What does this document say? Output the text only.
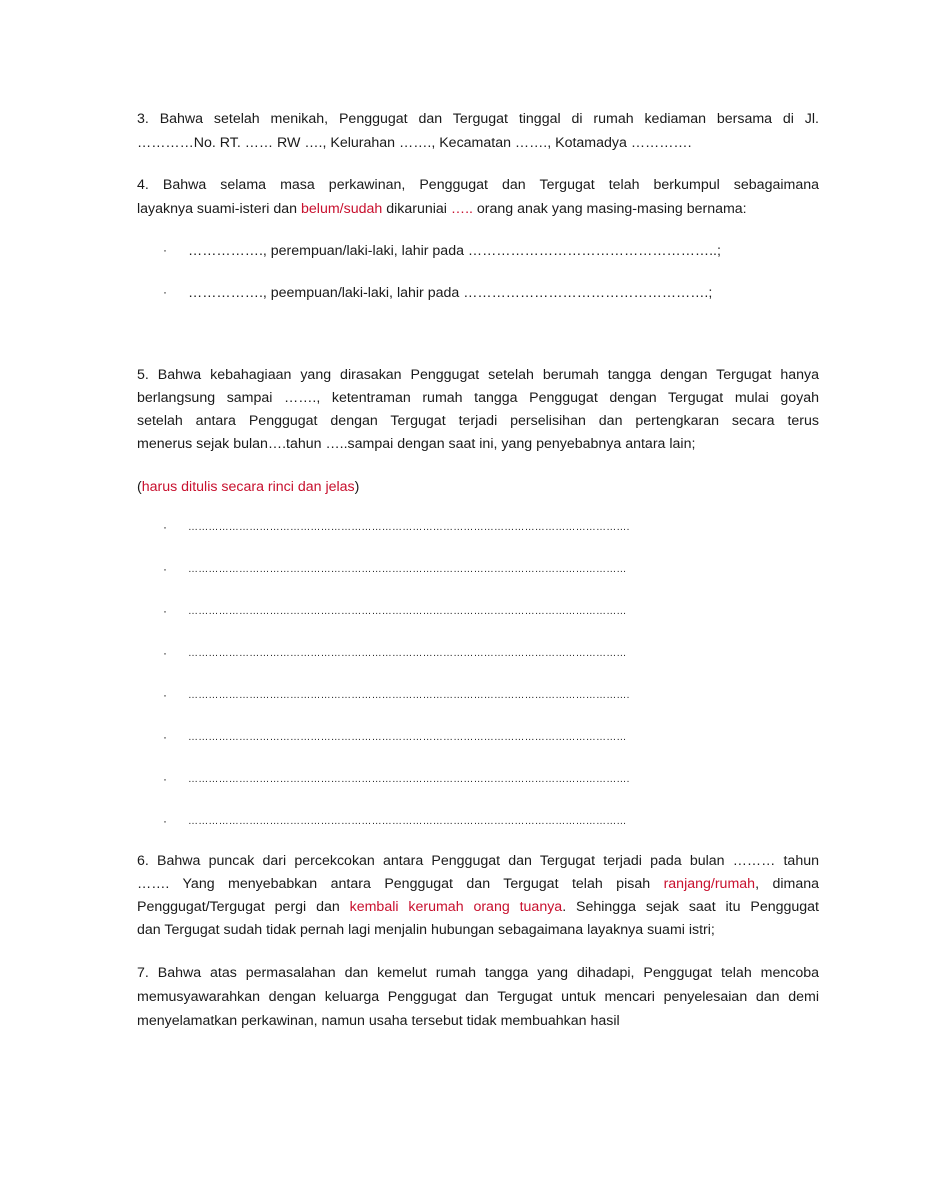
3. Bahwa setelah menikah, Penggugat dan Tergugat tinggal di rumah kediaman bersama di Jl.
…………No. RT. …… RW …., Kelurahan ……., Kecamatan ……., Kotamadya ………….
4. Bahwa selama masa perkawinan, Penggugat dan Tergugat telah berkumpul sebagaimana
layaknya suami-isteri dan belum/sudah dikaruniai ….. orang anak yang masing-masing bernama:
· ……………., perempuan/laki-laki, lahir pada ……………………………………………..;
· ……………., peempuan/laki-laki, lahir pada …………………………………………….;
5. Bahwa kebahagiaan yang dirasakan Penggugat setelah berumah tangga dengan Tergugat hanya
berlangsung sampai ……., ketentraman rumah tangga Penggugat dengan Tergugat mulai goyah
setelah antara Penggugat dengan Tergugat terjadi perselisihan dan pertengkaran secara terus
menerus sejak bulan….tahun …..sampai dengan saat ini, yang penyebabnya antara lain;
(harus ditulis secara rinci dan jelas)
· ………………………………………………………………………………………………………………….
· …………………………………………………………………………………………………………………
· …………………………………………………………………………………………………………………
· …………………………………………………………………………………………………………………
· ………………………………………………………………………………………………………………….
· …………………………………………………………………………………………………………………
· ………………………………………………………………………………………………………………….
· …………………………………………………………………………………………………………………
6. Bahwa puncak dari percekcokan antara Penggugat dan Tergugat terjadi pada bulan ……… tahun
……. Yang menyebabkan antara Penggugat dan Tergugat telah pisah ranjang/rumah, dimana
Penggugat/Tergugat pergi dan kembali kerumah orang tuanya. Sehingga sejak saat itu Penggugat
dan Tergugat sudah tidak pernah lagi menjalin hubungan sebagaimana layaknya suami istri;
7. Bahwa atas permasalahan dan kemelut rumah tangga yang dihadapi, Penggugat telah mencoba
memusyawarahkan dengan keluarga Penggugat dan Tergugat untuk mencari penyelesaian dan demi
menyelamatkan perkawinan, namun usaha tersebut tidak membuahkan hasil
